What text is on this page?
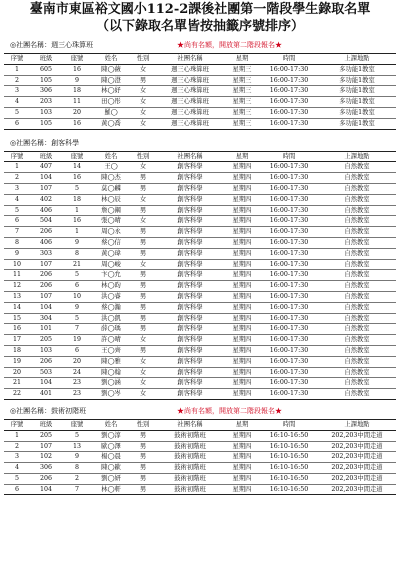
臺南市東區裕文國小112-2課後社團第一階段學生錄取名單
（以下錄取名單皆按抽籤序號排序）
◎社團名稱：週三心珠算班	★尚有名額，開放第二階段報名★
序號	班級	座號	姓名	性別	社團名稱	星期	時間	上課地點
1	605	16	陳◯薇	女	週三心珠算班	星期三	16:00-17:30	多功能1教室
2	105	9	陳◯澄	男	週三心珠算班	星期三	16:00-17:30	多功能1教室
3	306	18	林◯妤	女	週三心珠算班	星期三	16:00-17:30	多功能1教室
4	203	11	田◯彤	女	週三心珠算班	星期三	16:00-17:30	多功能1教室
5	103	20	羅◯	女	週三心珠算班	星期三	16:00-17:30	多功能1教室
6	105	16	黃◯喬	女	週三心珠算班	星期三	16:00-17:30	多功能1教室
◎社團名稱：創客科學
序號	班級	座號	姓名	性別	社團名稱	星期	時間	上課地點
1	407	14	王◯	女	創客科學	星期四	16:00-17:30	自然教室
2	104	16	陳◯杰	男	創客科學	星期四	16:00-17:30	自然教室
3	107	5	莫◯麟	男	創客科學	星期四	16:00-17:30	自然教室
4	402	18	林◯辰	女	創客科學	星期四	16:00-17:30	自然教室
5	406	1	詹◯鋼	男	創客科學	星期四	16:00-17:30	自然教室
6	504	16	張◯晴	女	創客科學	星期四	16:00-17:30	自然教室
7	206	1	周◯永	男	創客科學	星期四	16:00-17:30	自然教室
8	406	9	蔡◯信	男	創客科學	星期四	16:00-17:30	自然教室
9	303	8	黃◯瑋	男	創客科學	星期四	16:00-17:30	自然教室
10	107	21	周◯峻	女	創客科學	星期四	16:00-17:30	自然教室
11	206	5	卞◯允	男	創客科學	星期四	16:00-17:30	自然教室
12	206	6	林◯昀	男	創客科學	星期四	16:00-17:30	自然教室
13	107	10	洪◯睿	男	創客科學	星期四	16:00-17:30	自然教室
14	104	9	蔡◯瀚	男	創客科學	星期四	16:00-17:30	自然教室
15	304	5	洪◯凱	男	創客科學	星期四	16:00-17:30	自然教室
16	101	7	薛◯瑀	男	創客科學	星期四	16:00-17:30	自然教室
17	205	19	許◯晴	女	創客科學	星期四	16:00-17:30	自然教室
18	103	6	王◯齊	男	創客科學	星期四	16:00-17:30	自然教室
19	206	20	陳◯雅	女	創客科學	星期四	16:00-17:30	自然教室
20	503	24	陳◯翰	女	創客科學	星期四	16:00-17:30	自然教室
21	104	23	劉◯涵	女	創客科學	星期四	16:00-17:30	自然教室
22	401	23	劉◯岑	女	創客科學	星期四	16:00-17:30	自然教室
◎社團名稱：鼓術初階班	★尚有名額，開放第二階段報名★
序號	班級	座號	姓名	性別	社團名稱	星期	時間	上課地點
1	205	5	劉◯淳	男	鼓術初階班	星期四	16:10-16:50	202,203中間走道
2	107	13	歐◯澤	男	鼓術初階班	星期四	16:10-16:50	202,203中間走道
3	102	9	楊◯晨	男	鼓術初階班	星期四	16:10-16:50	202,203中間走道
4	306	8	陳◯歐	男	鼓術初階班	星期四	16:10-16:50	202,203中間走道
5	206	2	劉◯妍	男	鼓術初階班	星期四	16:10-16:50	202,203中間走道
6	104	7	林◯軒	男	鼓術初階班	星期四	16:10-16:50	202,203中間走道
